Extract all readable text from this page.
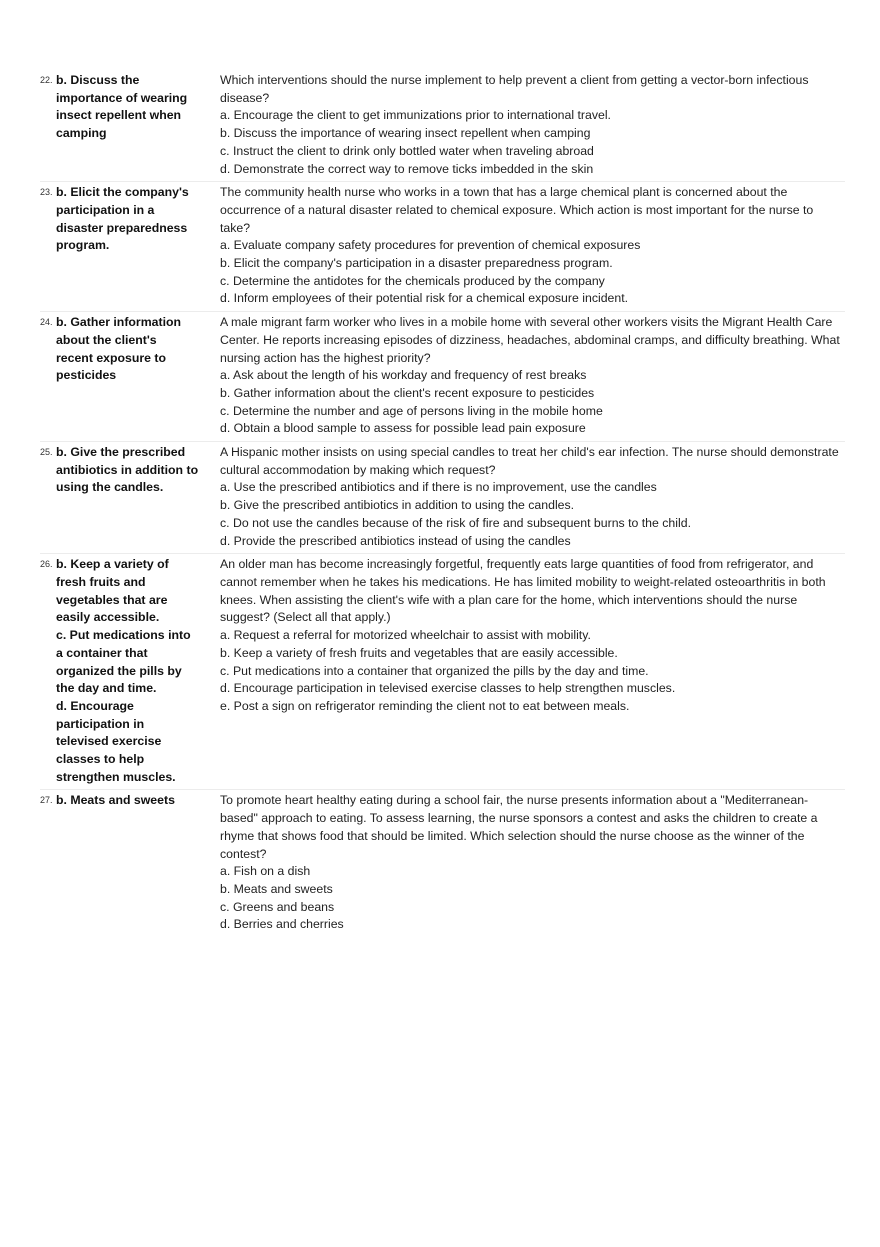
22. b. Discuss the
importance of wearing
insect repellent when
camping
Which interventions should the nurse implement to help prevent a client from getting a vector-born infectious disease?
a. Encourage the client to get immunizations prior to international travel.
b. Discuss the importance of wearing insect repellent when camping
c. Instruct the client to drink only bottled water when traveling abroad
d. Demonstrate the correct way to remove ticks imbedded in the skin
23. b. Elicit the company's
participation in a
disaster preparedness
program.
The community health nurse who works in a town that has a large chemical plant is concerned about the occurrence of a natural disaster related to chemical exposure. Which action is most important for the nurse to take?
a. Evaluate company safety procedures for prevention of chemical exposures
b. Elicit the company's participation in a disaster preparedness program.
c. Determine the antidotes for the chemicals produced by the company
d. Inform employees of their potential risk for a chemical exposure incident.
24. b. Gather information
about the client's
recent exposure to
pesticides
A male migrant farm worker who lives in a mobile home with several other workers visits the Migrant Health Care Center. He reports increasing episodes of dizziness, headaches, abdominal cramps, and difficulty breathing. What nursing action has the highest priority?
a. Ask about the length of his workday and frequency of rest breaks
b. Gather information about the client's recent exposure to pesticides
c. Determine the number and age of persons living in the mobile home
d. Obtain a blood sample to assess for possible lead pain exposure
25. b. Give the prescribed
antibiotics in addition to
using the candles.
A Hispanic mother insists on using special candles to treat her child's ear infection. The nurse should demonstrate cultural accommodation by making which request?
a. Use the prescribed antibiotics and if there is no improvement, use the candles
b. Give the prescribed antibiotics in addition to using the candles.
c. Do not use the candles because of the risk of fire and subsequent burns to the child.
d. Provide the prescribed antibiotics instead of using the candles
26. b. Keep a variety of
fresh fruits and
vegetables that are
easily accessible.
c. Put medications into
a container that
organized the pills by
the day and time.
d. Encourage
participation in
televised exercise
classes to help
strengthen muscles.
An older man has become increasingly forgetful, frequently eats large quantities of food from refrigerator, and cannot remember when he takes his medications. He has limited mobility to weight-related osteoarthritis in both knees. When assisting the client's wife with a plan care for the home, which interventions should the nurse suggest? (Select all that apply.)
a. Request a referral for motorized wheelchair to assist with mobility.
b. Keep a variety of fresh fruits and vegetables that are easily accessible.
c. Put medications into a container that organized the pills by the day and time.
d. Encourage participation in televised exercise classes to help strengthen muscles.
e. Post a sign on refrigerator reminding the client not to eat between meals.
27. b. Meats and sweets	To promote heart healthy eating during a school fair, the nurse presents information about a "Mediterranean-based" approach to eating. To assess learning, the nurse sponsors a contest and asks the children to create a rhyme that shows food that should be limited. Which selection should the nurse choose as the winner of the contest?
a. Fish on a dish
b. Meats and sweets
c. Greens and beans
d. Berries and cherries
